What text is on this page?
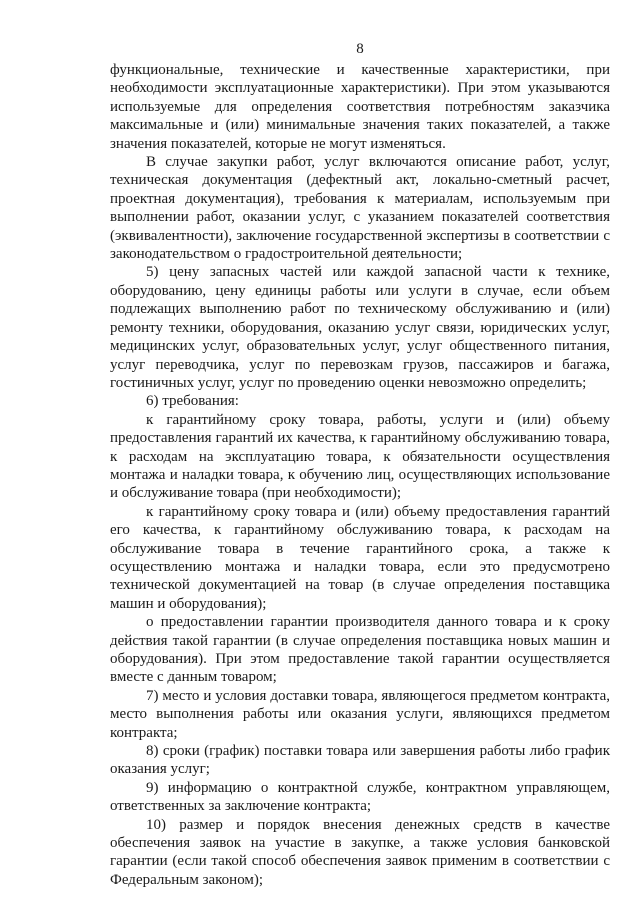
8
функциональные, технические и качественные характеристики, при необходимости эксплуатационные характеристики). При этом указываются используемые для определения соответствия потребностям заказчика максимальные и (или) минимальные значения таких показателей, а также значения показателей, которые не могут изменяться.
В случае закупки работ, услуг включаются описание работ, услуг, техническая документация (дефектный акт, локально-сметный расчет, проектная документация), требования к материалам, используемым при выполнении работ, оказании услуг, с указанием показателей соответствия (эквивалентности), заключение государственной экспертизы в соответствии с законодательством о градостроительной деятельности;
5) цену запасных частей или каждой запасной части к технике, оборудованию, цену единицы работы или услуги в случае, если объем подлежащих выполнению работ по техническому обслуживанию и (или) ремонту техники, оборудования, оказанию услуг связи, юридических услуг, медицинских услуг, образовательных услуг, услуг общественного питания, услуг переводчика, услуг по перевозкам грузов, пассажиров и багажа, гостиничных услуг, услуг по проведению оценки невозможно определить;
6) требования:
к гарантийному сроку товара, работы, услуги и (или) объему предоставления гарантий их качества, к гарантийному обслуживанию товара, к расходам на эксплуатацию товара, к обязательности осуществления монтажа и наладки товара, к обучению лиц, осуществляющих использование и обслуживание товара (при необходимости);
к гарантийному сроку товара и (или) объему предоставления гарантий его качества, к гарантийному обслуживанию товара, к расходам на обслуживание товара в течение гарантийного срока, а также к осуществлению монтажа и наладки товара, если это предусмотрено технической документацией на товар (в случае определения поставщика машин и оборудования);
о предоставлении гарантии производителя данного товара и к сроку действия такой гарантии (в случае определения поставщика новых машин и оборудования). При этом предоставление такой гарантии осуществляется вместе с данным товаром;
7) место и условия доставки товара, являющегося предметом контракта, место выполнения работы или оказания услуги, являющихся предметом контракта;
8) сроки (график) поставки товара или завершения работы либо график оказания услуг;
9) информацию о контрактной службе, контрактном управляющем, ответственных за заключение контракта;
10) размер и порядок внесения денежных средств в качестве обеспечения заявок на участие в закупке, а также условия банковской гарантии (если такой способ обеспечения заявок применим в соответствии с Федеральным законом);
